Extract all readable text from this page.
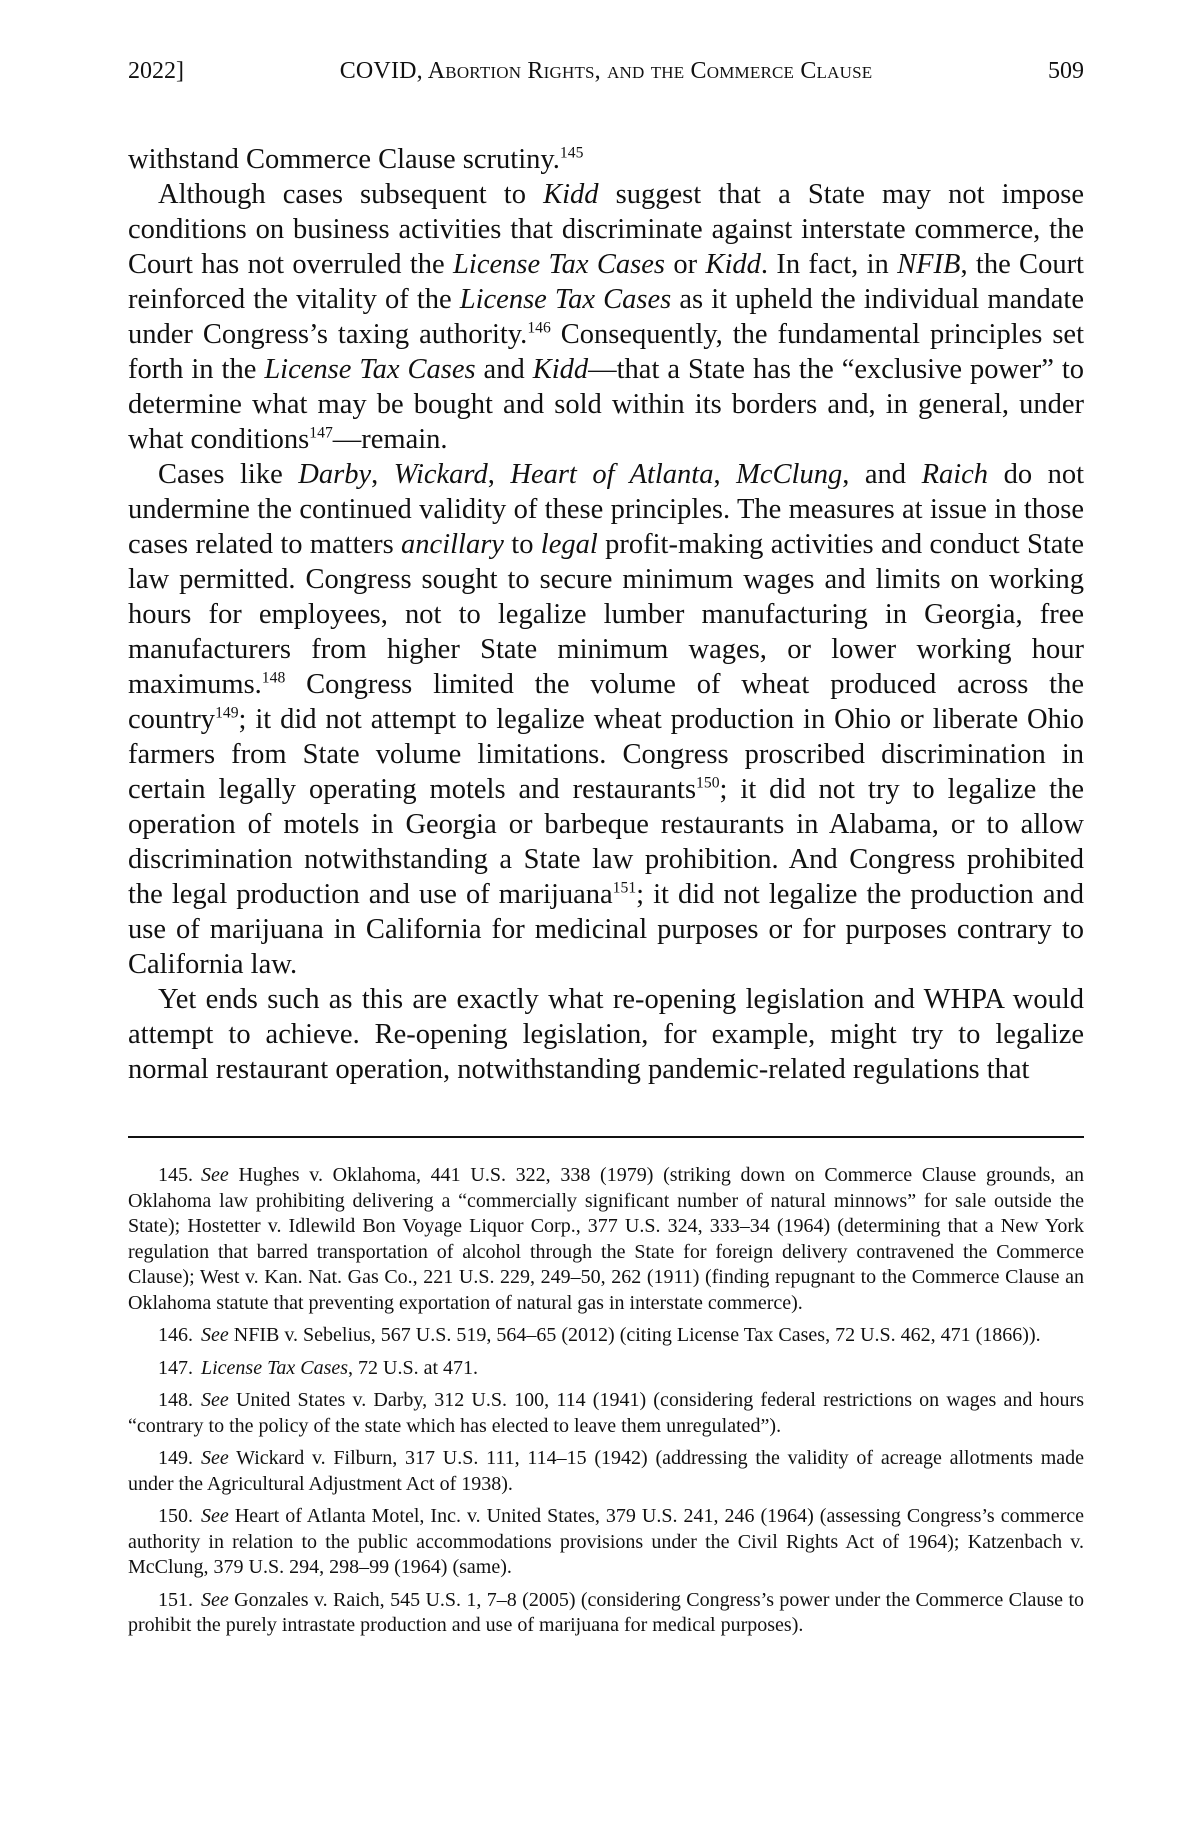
2022]	COVID, Abortion Rights, and the Commerce Clause	509

withstand Commerce Clause scrutiny.$^{145}$

Although cases subsequent to Kidd suggest that a State may not impose conditions on business activities that discriminate against interstate commerce, the Court has not overruled the License Tax Cases or Kidd. In fact, in NFIB, the Court reinforced the vitality of the License Tax Cases as it upheld the individual mandate under Congress’s taxing authority.$^{146}$ Consequently, the fundamental principles set forth in the License Tax Cases and Kidd—that a State has the “exclusive power” to determine what may be bought and sold within its borders and, in general, under what conditions$^{147}$—remain.

Cases like Darby, Wickard, Heart of Atlanta, McClung, and Raich do not undermine the continued validity of these principles. The measures at issue in those cases related to matters ancillary to legal profit-making activities and conduct State law permitted. Congress sought to secure minimum wages and limits on working hours for employees, not to legalize lumber manufacturing in Georgia, free manufacturers from higher State minimum wages, or lower working hour maximums.$^{148}$ Congress limited the volume of wheat produced across the country$^{149}$; it did not attempt to legalize wheat production in Ohio or liberate Ohio farmers from State volume limitations. Congress proscribed discrimination in certain legally operating motels and restaurants$^{150}$; it did not try to legalize the operation of motels in Georgia or barbeque restaurants in Alabama, or to allow discrimination notwithstanding a State law prohibition. And Congress prohibited the legal production and use of marijuana$^{151}$; it did not legalize the production and use of marijuana in California for medicinal purposes or for purposes contrary to California law.

Yet ends such as this are exactly what re-opening legislation and WHPA would attempt to achieve. Re-opening legislation, for example, might try to legalize normal restaurant operation, notwithstanding pandemic-related regulations that

145. See Hughes v. Oklahoma, 441 U.S. 322, 338 (1979) (striking down on Commerce Clause grounds, an Oklahoma law prohibiting delivering a “commercially significant number of natural minnows” for sale outside the State); Hostetter v. Idlewild Bon Voyage Liquor Corp., 377 U.S. 324, 333–34 (1964) (determining that a New York regulation that barred transportation of alcohol through the State for foreign delivery contravened the Commerce Clause); West v. Kan. Nat. Gas Co., 221 U.S. 229, 249–50, 262 (1911) (finding repugnant to the Commerce Clause an Oklahoma statute that preventing exportation of natural gas in interstate commerce).

146. See NFIB v. Sebelius, 567 U.S. 519, 564–65 (2012) (citing License Tax Cases, 72 U.S. 462, 471 (1866)).

147. License Tax Cases, 72 U.S. at 471.

148. See United States v. Darby, 312 U.S. 100, 114 (1941) (considering federal restrictions on wages and hours “contrary to the policy of the state which has elected to leave them unregulated”).

149. See Wickard v. Filburn, 317 U.S. 111, 114–15 (1942) (addressing the validity of acreage allotments made under the Agricultural Adjustment Act of 1938).

150. See Heart of Atlanta Motel, Inc. v. United States, 379 U.S. 241, 246 (1964) (assessing Congress’s commerce authority in relation to the public accommodations provisions under the Civil Rights Act of 1964); Katzenbach v. McClung, 379 U.S. 294, 298–99 (1964) (same).

151. See Gonzales v. Raich, 545 U.S. 1, 7–8 (2005) (considering Congress’s power under the Commerce Clause to prohibit the purely intrastate production and use of marijuana for medical purposes).
